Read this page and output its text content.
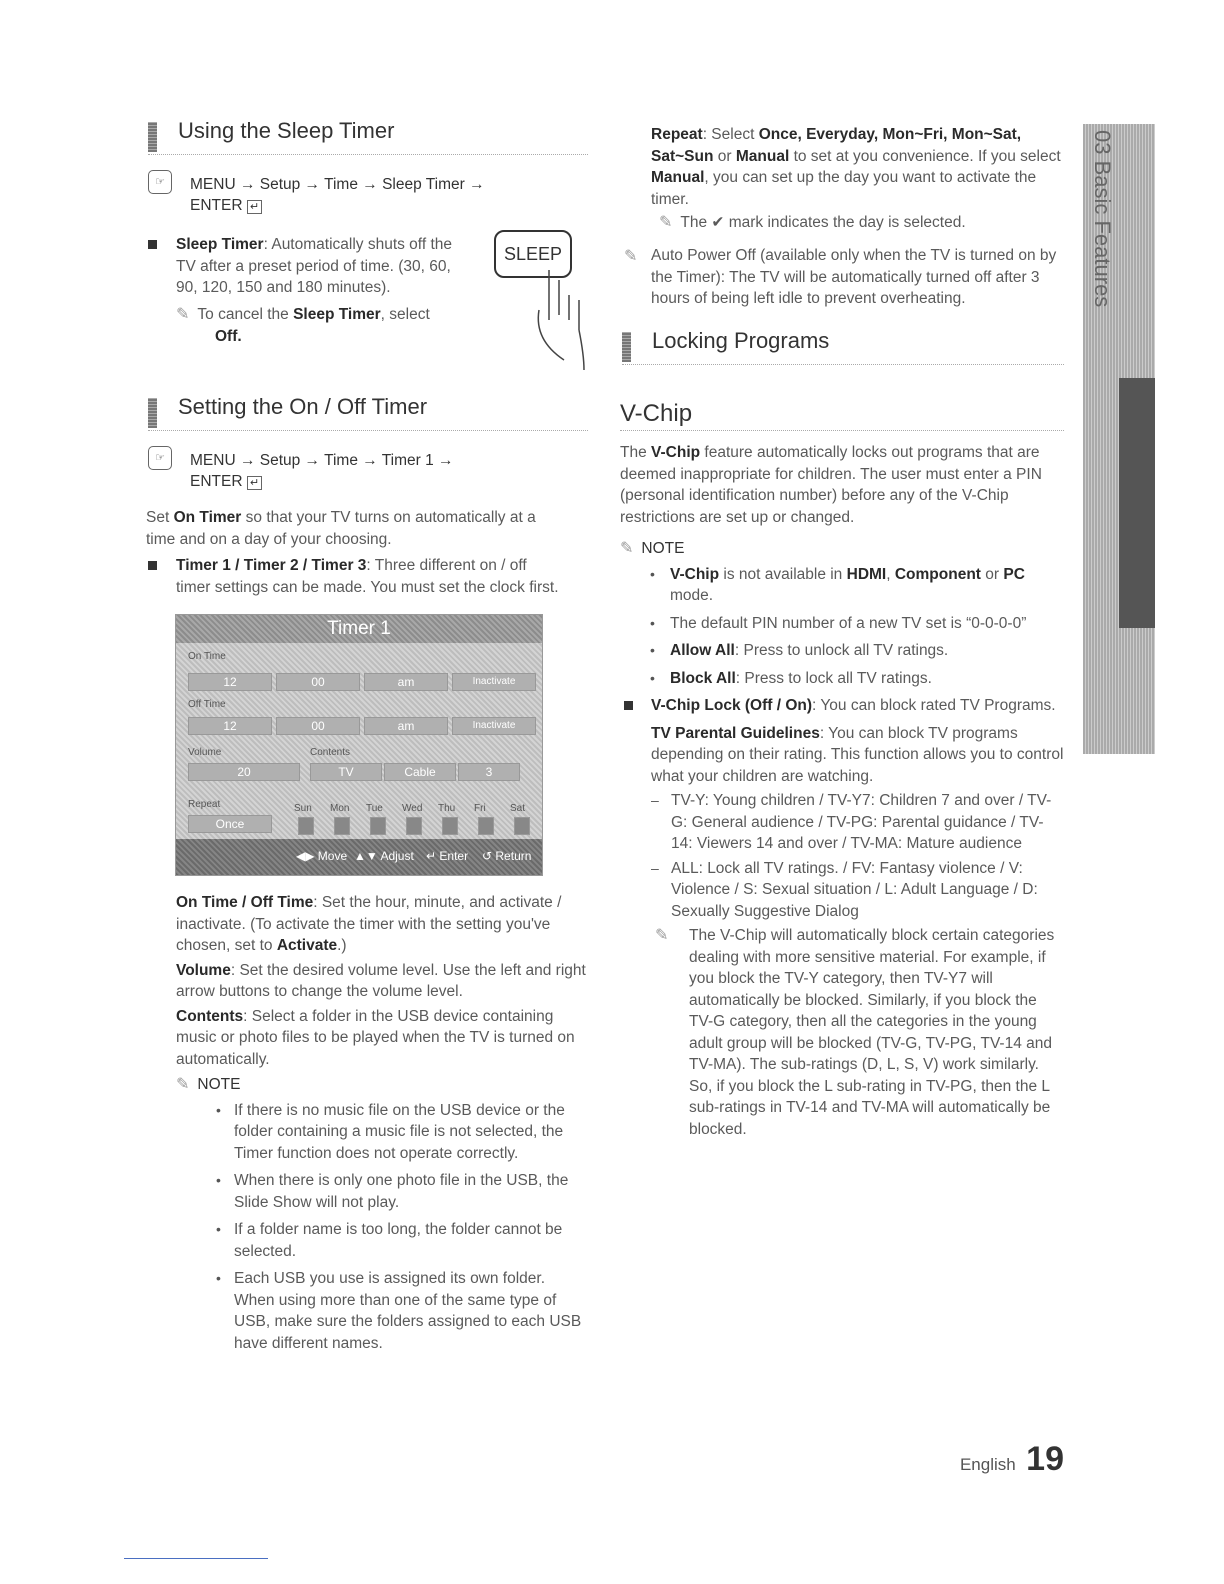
03 Basic Features
Using the Sleep Timer
☞	MENU → Setup → Time → Sleep Timer →
ENTER ↵
Sleep Timer: Automatically shuts off the
TV after a preset period of time. (30, 60,
90, 120, 150 and 180 minutes).
✎ To cancel the Sleep Timer, select
Off.
SLEEP
Setting the On / Off Timer
☞	MENU → Setup → Time → Timer 1 →
ENTER ↵
Set On Timer so that your TV turns on automatically at a
time and on a day of your choosing.
Timer 1 / Timer 2 / Timer 3: Three different on / off
timer settings can be made. You must set the clock first.
Timer 1
On Time
12	00	am	Inactivate
Off Time
12	00	am	Inactivate
Volume	Contents
20	TV	Cable	3
Repeat
Once
Sun Mon Tue Wed Thu Fri Sat
◀▶ Move ▲▼ Adjust ↵ Enter ↺ Return

On Time / Off Time: Set the hour, minute, and activate / inactivate. (To activate the timer with the setting you've chosen, set to Activate.)

Volume: Set the desired volume level. Use the left and right arrow buttons to change the volume level.

Contents: Select a folder in the USB device containing music or photo files to be played when the TV is turned on automatically.

✎ NOTE

• If there is no music file on the USB device or the folder containing a music file is not selected, the Timer function does not operate correctly.

• When there is only one photo file in the USB, the Slide Show will not play.

• If a folder name is too long, the folder cannot be selected.

• Each USB you use is assigned its own folder. When using more than one of the same type of USB, make sure the folders assigned to each USB have different names.

Repeat: Select Once, Everyday, Mon~Fri, Mon~Sat, Sat~Sun or Manual to set at you convenience. If you select Manual, you can set up the day you want to activate the timer.

✎ The ✔ mark indicates the day is selected.

✎ Auto Power Off (available only when the TV is turned on by the Timer): The TV will be automatically turned off after 3 hours of being left idle to prevent overheating.
Locking Programs
V-Chip

The V-Chip feature automatically locks out programs that are deemed inappropriate for children. The user must enter a PIN (personal identification number) before any of the V-Chip restrictions are set up or changed.

✎ NOTE

• V-Chip is not available in HDMI, Component or PC mode.

• The default PIN number of a new TV set is “0-0-0-0”

• Allow All: Press to unlock all TV ratings.

• Block All: Press to lock all TV ratings.

V-Chip Lock (Off / On): You can block rated TV Programs.

TV Parental Guidelines: You can block TV programs depending on their rating. This function allows you to control what your children are watching.

– TV-Y: Young children / TV-Y7: Children 7 and over / TV-G: General audience / TV-PG: Parental guidance / TV-14: Viewers 14 and over / TV-MA: Mature audience

– ALL: Lock all TV ratings. / FV: Fantasy violence / V: Violence / S: Sexual situation / L: Adult Language / D: Sexually Suggestive Dialog

✎ The V-Chip will automatically block certain categories dealing with more sensitive material. For example, if you block the TV-Y category, then TV-Y7 will automatically be blocked. Similarly, if you block the TV-G category, then all the categories in the young adult group will be blocked (TV-G, TV-PG, TV-14 and TV-MA). The sub-ratings (D, L, S, V) work similarly. So, if you block the L sub-rating in TV-PG, then the L sub-ratings in TV-14 and TV-MA will automatically be blocked.

English 19
